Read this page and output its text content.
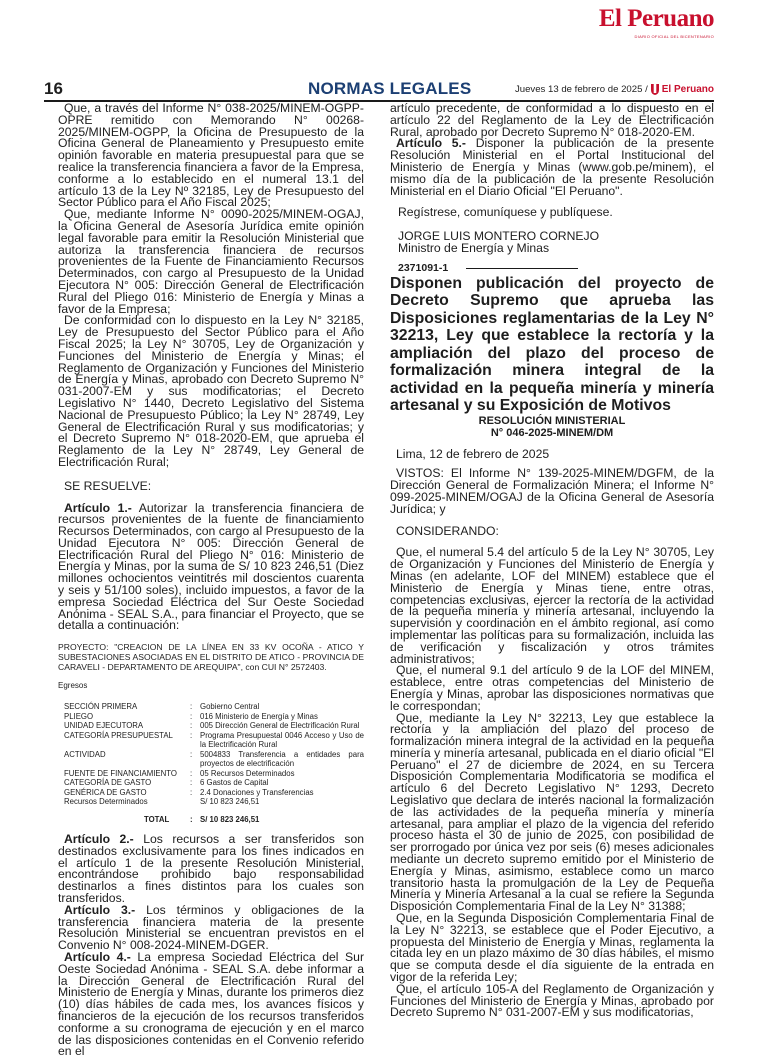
El Peruano
DIARIO OFICIAL DEL BICENTENARIO
16	NORMAS LEGALES	Jueves 13 de febrero de 2025 / El Peruano

Que, a través del Informe N° 038-2025/MINEM-OGPP-OPRE remitido con Memorando N° 00268-2025/MINEM-OGPP, la Oficina de Presupuesto de la Oficina General de Planeamiento y Presupuesto emite opinión favorable en materia presupuestal para que se realice la transferencia financiera a favor de la Empresa, conforme a lo establecido en el numeral 13.1 del artículo 13 de la Ley Nº 32185, Ley de Presupuesto del Sector Público para el Año Fiscal 2025;

Que, mediante Informe N° 0090-2025/MINEM-OGAJ, la Oficina General de Asesoría Jurídica emite opinión legal favorable para emitir la Resolución Ministerial que autoriza la transferencia financiera de recursos provenientes de la Fuente de Financiamiento Recursos Determinados, con cargo al Presupuesto de la Unidad Ejecutora N° 005: Dirección General de Electrificación Rural del Pliego 016: Ministerio de Energía y Minas a favor de la Empresa;

De conformidad con lo dispuesto en la Ley N° 32185, Ley de Presupuesto del Sector Público para el Año Fiscal 2025; la Ley N° 30705, Ley de Organización y Funciones del Ministerio de Energía y Minas; el Reglamento de Organización y Funciones del Ministerio de Energía y Minas, aprobado con Decreto Supremo N° 031-2007-EM y sus modificatorias; el Decreto Legislativo N° 1440, Decreto Legislativo del Sistema Nacional de Presupuesto Público; la Ley N° 28749, Ley General de Electrificación Rural y sus modificatorias; y el Decreto Supremo N° 018-2020-EM, que aprueba el Reglamento de la Ley N° 28749, Ley General de Electrificación Rural;

SE RESUELVE:

Artículo 1.- Autorizar la transferencia financiera de recursos provenientes de la fuente de financiamiento Recursos Determinados, con cargo al Presupuesto de la Unidad Ejecutora N° 005: Dirección General de Electrificación Rural del Pliego N° 016: Ministerio de Energía y Minas, por la suma de S/ 10 823 246,51 (Diez millones ochocientos veintitrés mil doscientos cuarenta y seis y 51/100 soles), incluido impuestos, a favor de la empresa Sociedad Eléctrica del Sur Oeste Sociedad Anónima - SEAL S.A., para financiar el Proyecto, que se detalla a continuación:

PROYECTO: "CREACION DE LA LÍNEA EN 33 KV OCOÑA - ATICO Y SUBESTACIONES ASOCIADAS EN EL DISTRITO DE ATICO - PROVINCIA DE CARAVELI - DEPARTAMENTO DE AREQUIPA", con CUI N° 2572403.

Egresos

SECCIÓN PRIMERA	:	Gobierno Central
PLIEGO	:	016 Ministerio de Energía y Minas
UNIDAD EJECUTORA	:	005 Dirección General de Electrificación Rural
CATEGORÍA PRESUPUESTAL	:	Programa Presupuestal 0046 Acceso y Uso de la Electrificación Rural
ACTIVIDAD	:	5004833 Transferencia a entidades para proyectos de electrificación
FUENTE DE FINANCIAMIENTO	:	05 Recursos Determinados
CATEGORÍA DE GASTO	:	6 Gastos de Capital
GENÉRICA DE GASTO	:	2.4 Donaciones y Transferencias
Recursos Determinados	S/ 10 823 246,51
TOTAL	: S/ 10 823 246,51

Artículo 2.- Los recursos a ser transferidos son destinados exclusivamente para los fines indicados en el artículo 1 de la presente Resolución Ministerial, encontrándose prohibido bajo responsabilidad destinarlos a fines distintos para los cuales son transferidos.

Artículo 3.- Los términos y obligaciones de la transferencia financiera materia de la presente Resolución Ministerial se encuentran previstos en el Convenio N° 008-2024-MINEM-DGER.

Artículo 4.- La empresa Sociedad Eléctrica del Sur Oeste Sociedad Anónima - SEAL S.A. debe informar a la Dirección General de Electrificación Rural del Ministerio de Energía y Minas, durante los primeros diez (10) días hábiles de cada mes, los avances físicos y financieros de la ejecución de los recursos transferidos conforme a su cronograma de ejecución y en el marco de las disposiciones contenidas en el Convenio referido en el

artículo precedente, de conformidad a lo dispuesto en el artículo 22 del Reglamento de la Ley de Electrificación Rural, aprobado por Decreto Supremo N° 018-2020-EM.

Artículo 5.- Disponer la publicación de la presente Resolución Ministerial en el Portal Institucional del Ministerio de Energía y Minas (www.gob.pe/minem), el mismo día de la publicación de la presente Resolución Ministerial en el Diario Oficial "El Peruano".

Regístrese, comuníquese y publíquese.

JORGE LUIS MONTERO CORNEJO

Ministro de Energía y Minas

2371091-1

Disponen publicación del proyecto de Decreto Supremo que aprueba las Disposiciones reglamentarias de la Ley N° 32213, Ley que establece la rectoría y la ampliación del plazo del proceso de formalización minera integral de la actividad en la pequeña minería y minería artesanal y su Exposición de Motivos

RESOLUCIÓN MINISTERIAL

N° 046-2025-MINEM/DM

Lima, 12 de febrero de 2025

VISTOS: El Informe N° 139-2025-MINEM/DGFM, de la Dirección General de Formalización Minera; el Informe N° 099-2025-MINEM/OGAJ de la Oficina General de Asesoría Jurídica; y

CONSIDERANDO:

Que, el numeral 5.4 del artículo 5 de la Ley N° 30705, Ley de Organización y Funciones del Ministerio de Energía y Minas (en adelante, LOF del MINEM) establece que el Ministerio de Energía y Minas tiene, entre otras, competencias exclusivas, ejercer la rectoría de la actividad de la pequeña minería y minería artesanal, incluyendo la supervisión y coordinación en el ámbito regional, así como implementar las políticas para su formalización, incluida las de verificación y fiscalización y otros trámites administrativos;

Que, el numeral 9.1 del artículo 9 de la LOF del MINEM, establece, entre otras competencias del Ministerio de Energía y Minas, aprobar las disposiciones normativas que le correspondan;

Que, mediante la Ley N° 32213, Ley que establece la rectoría y la ampliación del plazo del proceso de formalización minera integral de la actividad en la pequeña minería y minería artesanal, publicada en el diario oficial "El Peruano" el 27 de diciembre de 2024, en su Tercera Disposición Complementaria Modificatoria se modifica el artículo 6 del Decreto Legislativo N° 1293, Decreto Legislativo que declara de interés nacional la formalización de las actividades de la pequeña minería y minería artesanal, para ampliar el plazo de la vigencia del referido proceso hasta el 30 de junio de 2025, con posibilidad de ser prorrogado por única vez por seis (6) meses adicionales mediante un decreto supremo emitido por el Ministerio de Energía y Minas, asimismo, establece como un marco transitorio hasta la promulgación de la Ley de Pequeña Minería y Minería Artesanal a la cual se refiere la Segunda Disposición Complementaria Final de la Ley N° 31388;

Que, en la Segunda Disposición Complementaria Final de la Ley N° 32213, se establece que el Poder Ejecutivo, a propuesta del Ministerio de Energía y Minas, reglamenta la citada ley en un plazo máximo de 30 días hábiles, el mismo que se computa desde el día siguiente de la entrada en vigor de la referida Ley;

Que, el artículo 105-A del Reglamento de Organización y Funciones del Ministerio de Energía y Minas, aprobado por Decreto Supremo N° 031-2007-EM y sus modificatorias,
